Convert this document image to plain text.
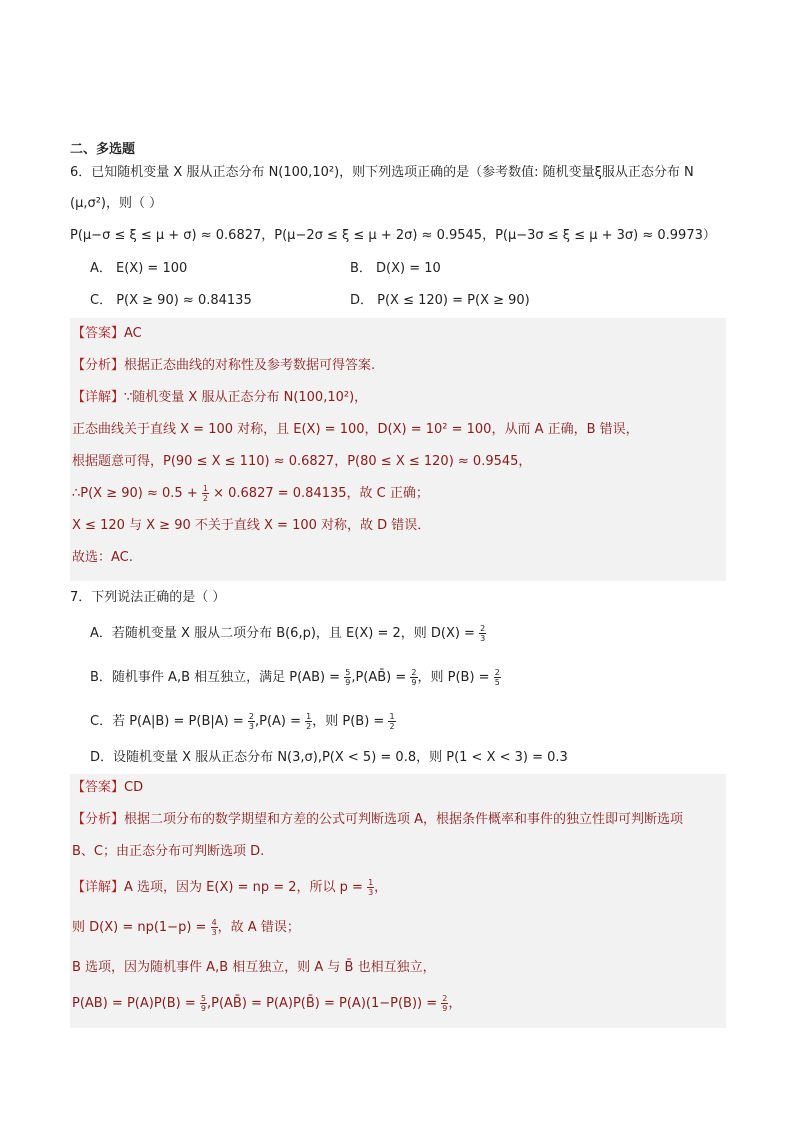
二、多选题
6．已知随机变量 X 服从正态分布 N(100,10²)，则下列选项正确的是（参考数值: 随机变量ξ服从正态分布 N
(μ,σ²)，则（ ）
P(μ−σ ≤ ξ ≤ μ + σ) ≈ 0.6827，P(μ−2σ ≤ ξ ≤ μ + 2σ) ≈ 0.9545，P(μ−3σ ≤ ξ ≤ μ + 3σ) ≈ 0.9973）
A． E(X) = 100	B． D(X) = 10
C． P(X ≥ 90) ≈ 0.84135	D． P(X ≤ 120) = P(X ≥ 90)
【答案】AC
【分析】根据正态曲线的对称性及参考数据可得答案.
【详解】∵随机变量 X 服从正态分布 N(100,10²)，
正态曲线关于直线 X = 100 对称，且 E(X) = 100，D(X) = 10² = 100，从而 A 正确，B 错误，
根据题意可得，P(90 ≤ X ≤ 110) ≈ 0.6827，P(80 ≤ X ≤ 120) ≈ 0.9545，
∴P(X ≥ $90) \approx 0.5 + \frac{1}{2} \times 0.6827 = 0.84135$，故 C 正确；
X ≤ 120 与 X ≥ 90 不关于直线 X = 100 对称，故 D 错误．
故选：AC.
7．下列说法正确的是（ ）
A．若随机变量 X 服从二项分布 B(6,p)，且 E(X) = 2，则 $D(X) = \frac{2}{3}$
B．随机事件 A,B 相互独立，满足 $P(AB) = \frac{5}{9}$ ,P(AB̄) = $\frac{2}{9}$ ，则 $P(B) = \frac{2}{5}$
C．若 $P(A|B) = P(B|A) = \frac{2}{3} ,P(A) = \frac{1}{2}$ ，则 $P(B) = \frac{1}{2}$
D．设随机变量 X 服从正态分布 N(3,σ),P(X < 5) = 0.8，则 P(1 < X < 3) = 0.3
【答案】CD
【分析】根据二项分布的数学期望和方差的公式可判断选项 A，根据条件概率和事件的独立性即可判断选项
B、C；由正态分布可判断选项 D.
【详解】A 选项，因为 E(X) = np = 2，所以 $p = \frac{1}{3}$ ，
则 $D(X) = np(1-p) = \frac{4}{3}$ ，故 A 错误；
B 选项，因为随机事件 A,B 相互独立，则 A 与 B̄ 也相互独立，
$P(AB) = P(A)P(B) = \frac{5}{9}$ ,P(AB̄) = P(A)P(B̄) = $P(A)(1-P(B)) = \frac{2}{9}$ ，
